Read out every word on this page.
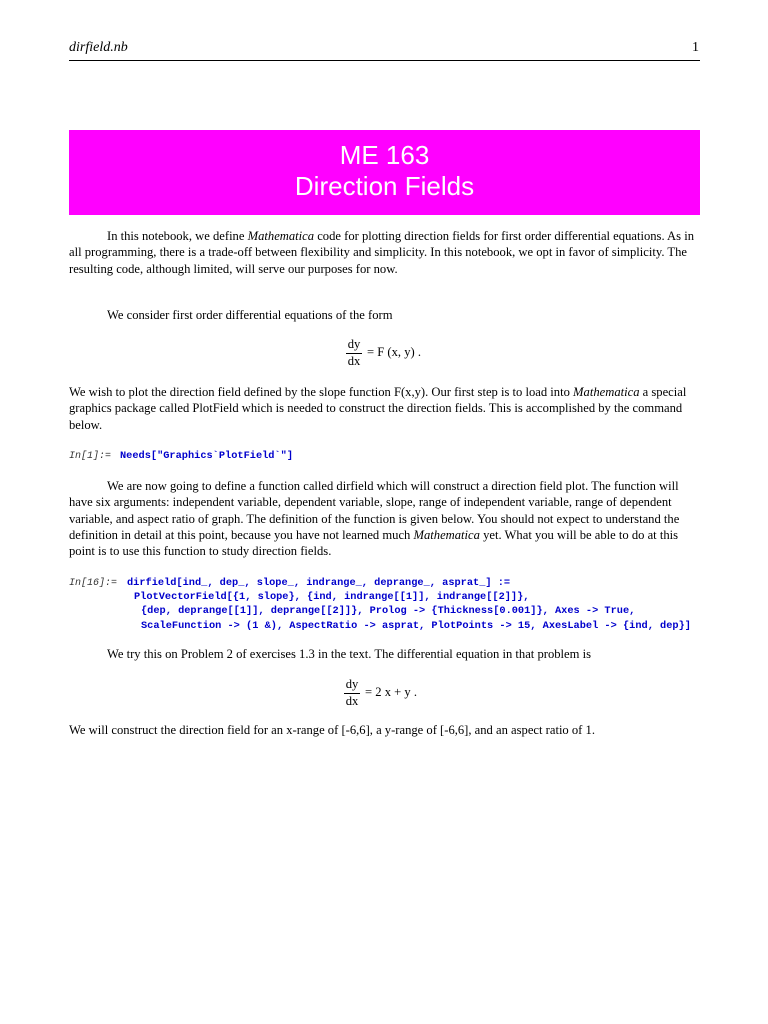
dirfield.nb	1
ME 163
Direction Fields

In this notebook, we define Mathematica code for plotting direction fields for first order differential equations. As in all programming, there is a trade-off between flexibility and simplicity. In this notebook, we opt in favor of simplicity. The resulting code, although limited, will serve our purposes for now.

We consider first order differential equations of the form

dy
dx
= F (x, y) .

We wish to plot the direction field defined by the slope function F(x,y). Our first step is to load into Mathematica a special graphics package called PlotField which is needed to construct the direction fields. This is accomplished by the command below.

In[1]:= Needs["Graphics`PlotField`"]

We are now going to define a function called dirfield which will construct a direction field plot. The function will have six arguments: independent variable, dependent variable, slope, range of independent variable, range of dependent variable, and aspect ratio of graph. The definition of the function is given below. You should not expect to understand the definition in detail at this point, because you have not learned much Mathematica yet. What you will be able to do at this point is to use this function to study direction fields.

In[16]:= dirfield[ind_, dep_, slope_, indrange_, deprange_, asprat_] :=
PlotVectorField[{1, slope}, {ind, indrange[[1]], indrange[[2]]},
{dep, deprange[[1]], deprange[[2]]}, Prolog -> {Thickness[0.001]}, Axes -> True,
ScaleFunction -> (1 &), AspectRatio -> asprat, PlotPoints -> 15, AxesLabel -> {ind, dep}]

We try this on Problem 2 of exercises 1.3 in the text. The differential equation in that problem is

dy
dx
= 2 x + y .

We will construct the direction field for an x-range of [-6,6], a y-range of [-6,6], and an aspect ratio of 1.
